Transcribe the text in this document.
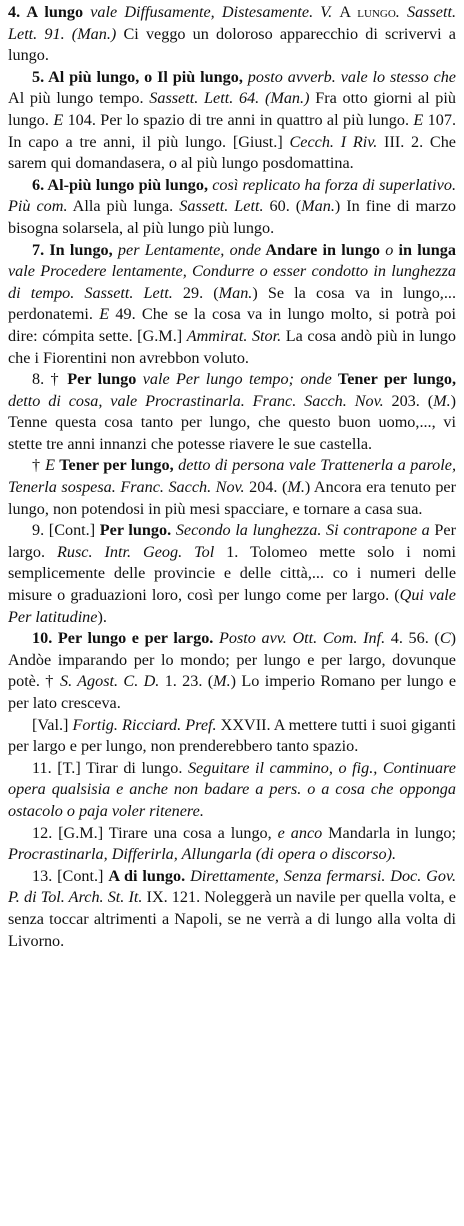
4. A lungo vale Diffusamente, Distesamente. V. A lungo. Sassett. Lett. 91. (Man.) Ci veggo un doloroso apparecchio di scrivervi a lungo.

5. Al più lungo, o Il più lungo, posto avverb. vale lo stesso che Al più lungo tempo. Sassett. Lett. 64. (Man.) Fra otto giorni al più lungo. E 104. Per lo spazio di tre anni in quattro al più lungo. E 107. In capo a tre anni, il più lungo. [Giust.] Cecch. I Riv. III. 2. Che sarem qui domandasera, o al più lungo posdomattina.

6. Al-più lungo più lungo, così replicato ha forza di superlativo. Più com. Alla più lunga. Sassett. Lett. 60. (Man.) In fine di marzo bisogna solarsela, al più lungo più lungo.

7. In lungo, per Lentamente, onde Andare in lungo o in lunga vale Procedere lentamente, Condurre o esser condotto in lunghezza di tempo. Sassett. Lett. 29. (Man.) Se la cosa va in lungo,... perdonatemi. E 49. Che se la cosa va in lungo molto, si potrà poi dire: cómpita sette. [G.M.] Ammirat. Stor. La cosa andò più in lungo che i Fiorentini non avrebbon voluto.

8. † Per lungo vale Per lungo tempo; onde Tener per lungo, detto di cosa, vale Procrastinarla. Franc. Sacch. Nov. 203. (M.) Tenne questa cosa tanto per lungo, che questo buon uomo,..., vi stette tre anni innanzi che potesse riavere le sue castella.

† E Tener per lungo, detto di persona vale Trattenerla a parole, Tenerla sospesa. Franc. Sacch. Nov. 204. (M.) Ancora era tenuto per lungo, non potendosi in più mesi spacciare, e tornare a casa sua.

9. [Cont.] Per lungo. Secondo la lunghezza. Si contrapone a Per largo. Rusc. Intr. Geog. Tol 1. Tolomeo mette solo i nomi semplicemente delle provincie e delle città,... co i numeri delle misure o graduazioni loro, così per lungo come per largo. (Qui vale Per latitudine).

10. Per lungo e per largo. Posto avv. Ott. Com. Inf. 4. 56. (C) Andòe imparando per lo mondo; per lungo e per largo, dovunque potè. † S. Agost. C. D. 1. 23. (M.) Lo imperio Romano per lungo e per lato cresceva.

[Val.] Fortig. Ricciard. Pref. XXVII. A mettere tutti i suoi giganti per largo e per lungo, non prenderebbero tanto spazio.

11. [T.] Tirar di lungo. Seguitare il cammino, o fig., Continuare opera qualsisia e anche non badare a pers. o a cosa che opponga ostacolo o paja voler ritenere.

12. [G.M.] Tirare una cosa a lungo, e anco Mandarla in lungo; Procrastinarla, Differirla, Allungarla (di opera o discorso).

13. [Cont.] A di lungo. Direttamente, Senza fermarsi. Doc. Gov. P. di Tol. Arch. St. It. IX. 121. Noleggerà un navile per quella volta, e senza toccar altrimenti a Napoli, se ne verrà a di lungo alla volta di Livorno.
